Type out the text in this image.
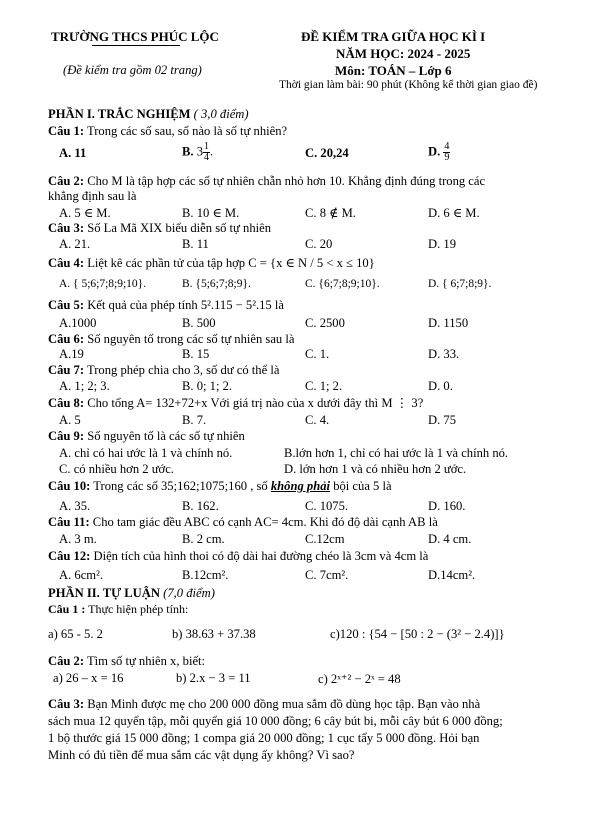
TRƯỜNG THCS PHÚC LỘC
(Đề kiểm tra gồm 02 trang)
ĐỀ KIỂM TRA GIỮA HỌC KÌ I
NĂM HỌC: 2024 - 2025
Môn: TOÁN – Lớp 6
Thời gian làm bài: 90 phút (Không kể thời gian giao đề)
PHẦN I. TRẮC NGHIỆM ( 3,0 điểm)
Câu 1: Trong các số sau, số nào là số tự nhiên?
A. 11	B. $3 \frac{1}{4}$ .	C. 20,24	D. $\frac{4}{9}$
Câu 2: Cho M là tập hợp các số tự nhiên chẵn nhỏ hơn 10. Khẳng định đúng trong các
khẳng định sau là
A. 5 ∈ M.	B. 10 ∈ M.	C. 8 ∉ M.	D. 6 ∈ M.
Câu 3: Số La Mã XIX biểu diễn số tự nhiên
A. 21.	B. 11	C. 20	D. 19
Câu 4: Liệt kê các phần tử của tập hợp C = {x ∈ N / 5 < x ≤ 10}
A. { 5;6;7;8;9;10}.	B. {5;6;7;8;9}.	C. {6;7;8;9;10}.	D. { 6;7;8;9}.
Câu 5: Kết quả của phép tính 5².115 − 5².15 là
A.1000	B. 500	C. 2500	D. 1150
Câu 6: Số nguyên tố trong các số tự nhiên sau là
A.19	B. 15	C. 1.	D. 33.
Câu 7: Trong phép chia cho 3, số dư có thể là
A. 1; 2; 3.	B. 0; 1; 2.	C. 1; 2.	D. 0.
Câu 8: Cho tổng A= 132+72+x Với giá trị nào của x dưới đây thì M ⋮ 3?
A. 5	B. 7.	C. 4.	D. 75
Câu 9: Số nguyên tố là các số tự nhiên
A. chỉ có hai ước là 1 và chính nó.	B.lớn hơn 1, chỉ có hai ước là 1 và chính nó.
C. có nhiều hơn 2 ước.	D. lớn hơn 1 và có nhiều hơn 2 ước.
Câu 10: Trong các số 35;162;1075;160 , số không phải bội của 5 là
A. 35.	B. 162.	C. 1075.	D. 160.
Câu 11: Cho tam giác đều ABC có cạnh AC= 4cm. Khi đó độ dài cạnh AB là
A. 3 m.	B. 2 cm.	C.12cm	D. 4 cm.
Câu 12: Diện tích của hình thoi có độ dài hai đường chéo là 3cm và 4cm là
A. 6cm².	B.12cm².	C. 7cm².	D.14cm².
PHẦN II. TỰ LUẬN (7,0 điểm)
Câu 1 : Thực hiện phép tính:
a) 65 - 5. 2	b) 38.63 + 37.38	c)120 : {54 − [50 : 2 − (3² − 2.4)]}
Câu 2: Tìm số tự nhiên x, biết:
a) 26 – x = 16	b) 2.x − 3 = 11	c) 2ˣ⁺² − 2ˣ = 48
Câu 3: Bạn Minh được mẹ cho 200 000 đồng mua sắm đồ dùng học tập. Bạn vào nhà
sách mua 12 quyển tập, mỗi quyển giá 10 000 đồng; 6 cây bút bi, mỗi cây bút 6 000 đồng;
1 bộ thước giá 15 000 đồng; 1 compa giá 20 000 đồng; 1 cục tẩy 5 000 đồng. Hỏi bạn
Minh có đủ tiền để mua sắm các vật dụng ấy không? Vì sao?
